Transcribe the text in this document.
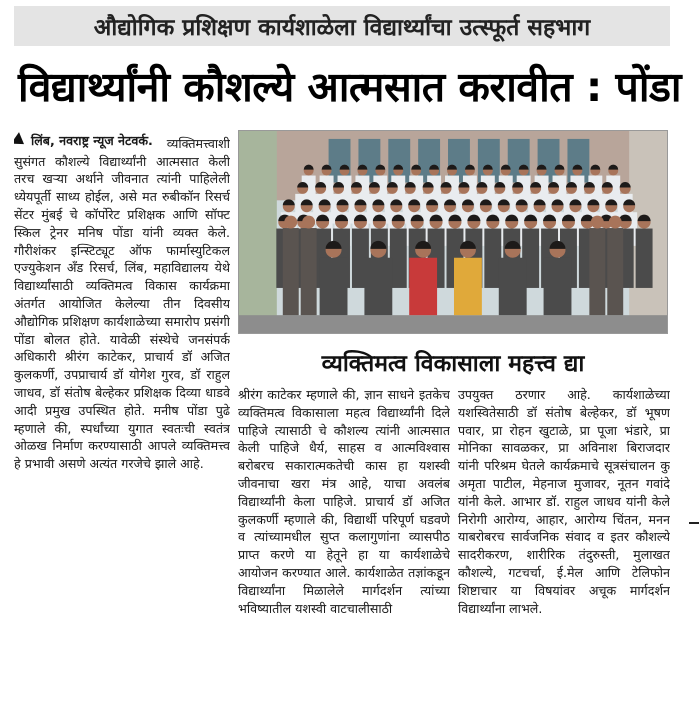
औद्योगिक प्रशिक्षण कार्यशाळेला विद्यार्थ्यांचा उत्स्फूर्त सहभाग
विद्यार्थ्यांनी कौशल्ये आत्मसात करावीत : पोंडा

लिंब, नवराष्ट्र न्यूज नेटवर्क. व्यक्तिमत्त्वाशी सुसंगत कौशल्ये विद्यार्थ्यांनी आत्मसात केली तरच खऱ्या अर्थाने जीवनात त्यांनी पाहिलेली ध्येयपूर्ती साध्य होईल, असे मत रुबीकॉन रिसर्च सेंटर मुंबई चे कॉर्पोरेट प्रशिक्षक आणि सॉफ्ट स्किल ट्रेनर मनिष पोंडा यांनी व्यक्त केले. गौरीशंकर इन्स्टिट्यूट ऑफ फार्मास्युटिकल एज्युकेशन अँड रिसर्च, लिंब, महाविद्यालय येथे विद्यार्थ्यांसाठी व्यक्तिमत्व विकास कार्यक्रमा अंतर्गत आयोजित केलेल्या तीन दिवसीय औद्योगिक प्रशिक्षण कार्यशाळेच्या समारोप प्रसंगी पोंडा बोलत होते. यावेळी संस्थेचे जनसंपर्क अधिकारी श्रीरंग काटेकर, प्राचार्य डॉ अजित कुलकर्णी, उपप्राचार्य डॉ योगेश गुरव, डॉ राहुल जाधव, डॉ संतोष बेल्हेकर प्रशिक्षक दिव्या धाडवे आदी प्रमुख उपस्थित होते. मनीष पोंडा पुढे म्हणाले की, स्पर्धांच्या युगात स्वतःची स्वतंत्र ओळख निर्माण करण्यासाठी आपले व्यक्तिमत्त्व हे प्रभावी असणे अत्यंत गरजेचे झाले आहे.

व्यक्तिमत्व विकासाला महत्त्व द्या

श्रीरंग काटेकर म्हणाले की, ज्ञान साधने इतकेच व्यक्तिमत्व विकासाला महत्व विद्यार्थ्यांनी दिले पाहिजे त्यासाठी चे कौशल्य त्यांनी आत्मसात केली पाहिजे धैर्य, साहस व आत्मविश्वास बरोबरच सकारात्मकतेची कास हा यशस्वी जीवनाचा खरा मंत्र आहे, याचा अवलंब विद्यार्थ्यांनी केला पाहिजे. प्राचार्य डॉ अजित कुलकर्णी म्हणाले की, विद्यार्थी परिपूर्ण घडवणे व त्यांच्यामधील सुप्त कलागुणांना व्यासपीठ प्राप्त करणे या हेतूने हा या कार्यशाळेचे आयोजन करण्यात आले. कार्यशाळेत तज्ञांकडून विद्यार्थ्यांना मिळालेले मार्गदर्शन त्यांच्या भविष्यातील यशस्वी वाटचालीसाठी

उपयुक्त ठरणार आहे. कार्यशाळेच्या यशस्वितेसाठी डॉ संतोष बेल्हेकर, डॉ भूषण पवार, प्रा रोहन खुटाळे, प्रा पूजा भंडारे, प्रा मोनिका सावळकर, प्रा अविनाश बिराजदार यांनी परिश्रम घेतले कार्यक्रमाचे सूत्रसंचालन कु अमृता पाटील, मेहनाज मुजावर, नूतन गवांदे यांनी केले. आभार डॉ. राहुल जाधव यांनी केले निरोगी आरोग्य, आहार, आरोग्य चिंतन, मनन याबरोबरच सार्वजनिक संवाद व इतर कौशल्ये सादरीकरण, शारीरिक तंदुरुस्ती, मुलाखत कौशल्ये, गटचर्चा, ई.मेल आणि टेलिफोन शिष्टाचार या विषयांवर अचूक मार्गदर्शन विद्यार्थ्यांना लाभले.
